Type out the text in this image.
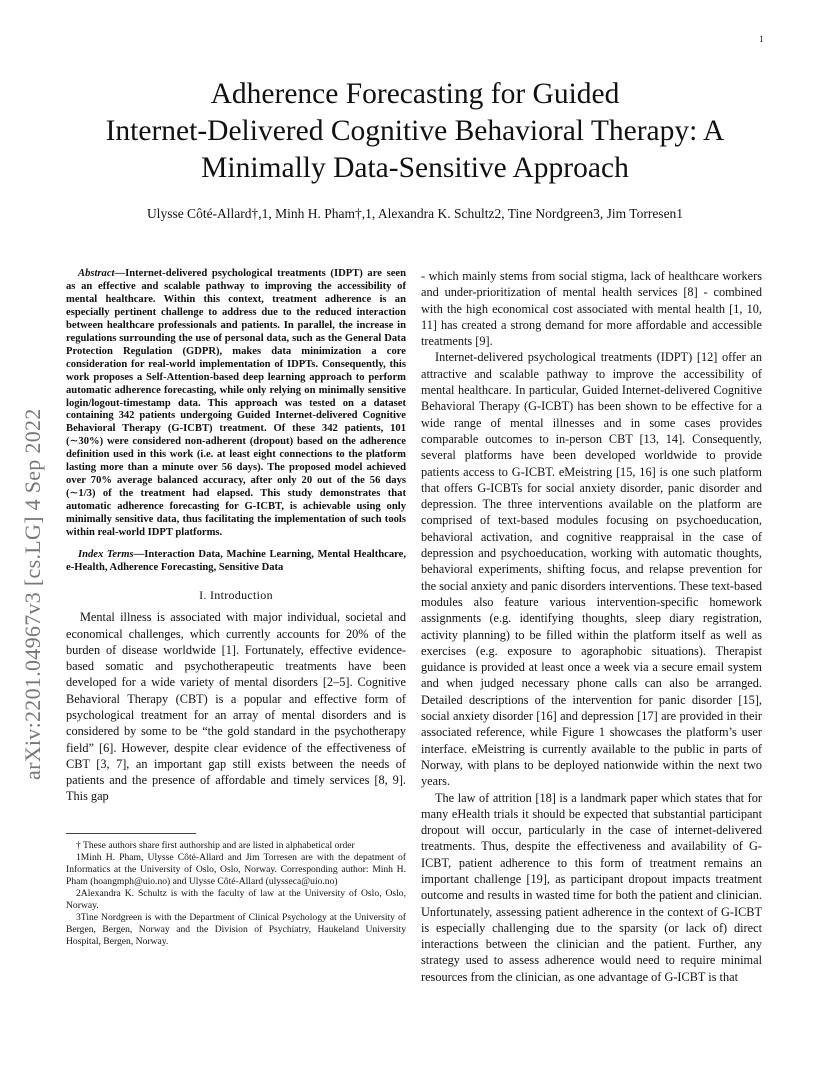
1
arXiv:2201.04967v3 [cs.LG] 4 Sep 2022
Adherence Forecasting for Guided
Internet-Delivered Cognitive Behavioral Therapy: A
Minimally Data-Sensitive Approach
Ulysse Côté-Allard†,1, Minh H. Pham†,1, Alexandra K. Schultz2, Tine Nordgreen3, Jim Torresen1

Abstract—Internet-delivered psychological treatments (IDPT) are seen as an effective and scalable pathway to improving the accessibility of mental healthcare. Within this context, treatment adherence is an especially pertinent challenge to address due to the reduced interaction between healthcare professionals and patients. In parallel, the increase in regulations surrounding the use of personal data, such as the General Data Protection Regulation (GDPR), makes data minimization a core consideration for real-world implementation of IDPTs. Consequently, this work proposes a Self-Attention-based deep learning approach to perform automatic adherence forecasting, while only relying on minimally sensitive login/logout-timestamp data. This approach was tested on a dataset containing 342 patients undergoing Guided Internet-delivered Cognitive Behavioral Therapy (G-ICBT) treatment. Of these 342 patients, 101 (∼30%) were considered non-adherent (dropout) based on the adherence definition used in this work (i.e. at least eight connections to the platform lasting more than a minute over 56 days). The proposed model achieved over 70% average balanced accuracy, after only 20 out of the 56 days (∼1/3) of the treatment had elapsed. This study demonstrates that automatic adherence forecasting for G-ICBT, is achievable using only minimally sensitive data, thus facilitating the implementation of such tools within real-world IDPT platforms.

Index Terms—Interaction Data, Machine Learning, Mental Healthcare, e-Health, Adherence Forecasting, Sensitive Data

I. Introduction

Mental illness is associated with major individual, societal and economical challenges, which currently accounts for 20% of the burden of disease worldwide [1]. Fortunately, effective evidence-based somatic and psychotherapeutic treatments have been developed for a wide variety of mental disorders [2–5]. Cognitive Behavioral Therapy (CBT) is a popular and effective form of psychological treatment for an array of mental disorders and is considered by some to be “the gold standard in the psychotherapy field” [6]. However, despite clear evidence of the effectiveness of CBT [3, 7], an important gap still exists between the needs of patients and the presence of affordable and timely services [8, 9]. This gap

† These authors share first authorship and are listed in alphabetical order

1Minh H. Pham, Ulysse Côté-Allard and Jim Torresen are with the depatment of Informatics at the University of Oslo, Oslo, Norway. Corresponding author: Minh H. Pham (hoangmph@uio.no) and Ulysse Côté-Allard (ulysseca@uio.no)

2Alexandra K. Schultz is with the faculty of law at the University of Oslo, Oslo, Norway.

3Tine Nordgreen is with the Department of Clinical Psychology at the University of Bergen, Bergen, Norway and the Division of Psychiatry, Haukeland University Hospital, Bergen, Norway.

- which mainly stems from social stigma, lack of healthcare workers and under-prioritization of mental health services [8] - combined with the high economical cost associated with mental health [1, 10, 11] has created a strong demand for more affordable and accessible treatments [9].

Internet-delivered psychological treatments (IDPT) [12] offer an attractive and scalable pathway to improve the accessibility of mental healthcare. In particular, Guided Internet-delivered Cognitive Behavioral Therapy (G-ICBT) has been shown to be effective for a wide range of mental illnesses and in some cases provides comparable outcomes to in-person CBT [13, 14]. Consequently, several platforms have been developed worldwide to provide patients access to G-ICBT. eMeistring [15, 16] is one such platform that offers G-ICBTs for social anxiety disorder, panic disorder and depression. The three interventions available on the platform are comprised of text-based modules focusing on psychoeducation, behavioral activation, and cognitive reappraisal in the case of depression and psychoeducation, working with automatic thoughts, behavioral experiments, shifting focus, and relapse prevention for the social anxiety and panic disorders interventions. These text-based modules also feature various intervention-specific homework assignments (e.g. identifying thoughts, sleep diary registration, activity planning) to be filled within the platform itself as well as exercises (e.g. exposure to agoraphobic situations). Therapist guidance is provided at least once a week via a secure email system and when judged necessary phone calls can also be arranged. Detailed descriptions of the intervention for panic disorder [15], social anxiety disorder [16] and depression [17] are provided in their associated reference, while Figure 1 showcases the platform’s user interface. eMeistring is currently available to the public in parts of Norway, with plans to be deployed nationwide within the next two years.

The law of attrition [18] is a landmark paper which states that for many eHealth trials it should be expected that substantial participant dropout will occur, particularly in the case of internet-delivered treatments. Thus, despite the effectiveness and availability of G-ICBT, patient adherence to this form of treatment remains an important challenge [19], as participant dropout impacts treatment outcome and results in wasted time for both the patient and clinician. Unfortunately, assessing patient adherence in the context of G-ICBT is especially challenging due to the sparsity (or lack of) direct interactions between the clinician and the patient. Further, any strategy used to assess adherence would need to require minimal resources from the clinician, as one advantage of G-ICBT is that
